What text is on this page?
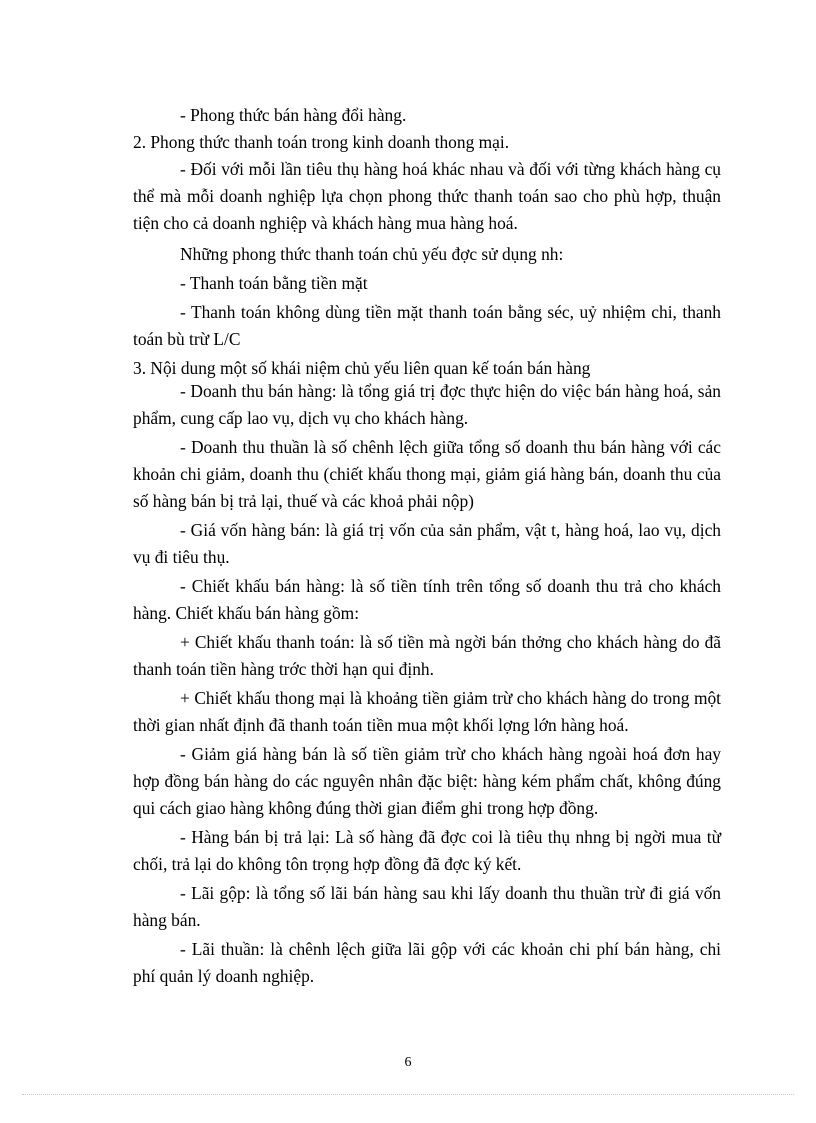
- Phong thức bán hàng đổi hàng.

2. Phong thức thanh toán trong kinh doanh thong mại.

- Đối với mỗi lần tiêu thụ hàng hoá khác nhau và đối với từng khách hàng cụ thể mà mỗi doanh nghiệp lựa chọn phong thức thanh toán sao cho phù hợp, thuận tiện cho cả doanh nghiệp và khách hàng mua hàng hoá.

Những phong thức thanh toán chủ yếu đợc sử dụng nh:

- Thanh toán bằng tiền mặt

- Thanh toán không dùng tiền mặt thanh toán bằng séc, uỷ nhiệm chi, thanh toán bù trừ L/C

3. Nội dung một số khái niệm chủ yếu liên quan kế toán bán hàng

- Doanh thu bán hàng: là tổng giá trị đợc thực hiện do việc bán hàng hoá, sản phẩm, cung cấp lao vụ, dịch vụ cho khách hàng.

- Doanh thu thuần là số chênh lệch giữa tổng số doanh thu bán hàng với các khoản chi giảm, doanh thu (chiết khấu thong mại, giảm giá hàng bán, doanh thu của số hàng bán bị trả lại, thuế và các khoả phải nộp)

- Giá vốn hàng bán: là giá trị vốn của sản phẩm, vật t, hàng hoá, lao vụ, dịch vụ đi tiêu thụ.

- Chiết khấu bán hàng: là số tiền tính trên tổng số doanh thu trả cho khách hàng. Chiết khấu bán hàng gồm:

+ Chiết khấu thanh toán: là số tiền mà ngời bán thởng cho khách hàng do đã thanh toán tiền hàng trớc thời hạn qui định.

+ Chiết khấu thong mại là khoảng tiền giảm trừ cho khách hàng do trong một thời gian nhất định đã thanh toán tiền mua một khối lợng lớn hàng hoá.

- Giảm giá hàng bán là số tiền giảm trừ cho khách hàng ngoài hoá đơn hay hợp đồng bán hàng do các nguyên nhân đặc biệt: hàng kém phẩm chất, không đúng qui cách giao hàng không đúng thời gian điểm ghi trong hợp đồng.

- Hàng bán bị trả lại: Là số hàng đã đợc coi là tiêu thụ nhng bị ngời mua từ chối, trả lại do không tôn trọng hợp đồng đã đợc ký kết.

- Lãi gộp: là tổng số lãi bán hàng sau khi lấy doanh thu thuần trừ đi giá vốn hàng bán.

- Lãi thuần: là chênh lệch giữa lãi gộp với các khoản chi phí bán hàng, chi phí quản lý doanh nghiệp.

6
